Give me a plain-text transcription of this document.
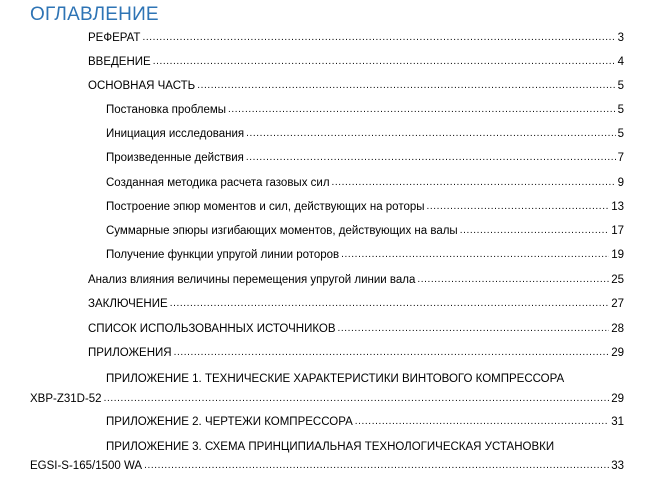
ОГЛАВЛЕНИЕ
РЕФЕРАТ .....	3
ВВЕДЕНИЕ .....	4
ОСНОВНАЯ ЧАСТЬ .....	5
Постановка проблемы .....	5
Инициация исследования .....	5
Произведенные действия .....	7
Созданная методика расчета газовых сил .....	9
Построение эпюр моментов и сил, действующих на роторы .....	13
Суммарные эпюры изгибающих моментов, действующих на валы .....	17
Получение функции упругой линии роторов .....	19
Анализ влияния величины перемещения упругой линии вала .....	25
ЗАКЛЮЧЕНИЕ .....	27
СПИСОК ИСПОЛЬЗОВАННЫХ ИСТОЧНИКОВ .....	28
ПРИЛОЖЕНИЯ .....	29
ПРИЛОЖЕНИЕ 1. ТЕХНИЧЕСКИЕ ХАРАКТЕРИСТИКИ ВИНТОВОГО КОМПРЕССОРА
XBP-Z31D-52 .....	29
ПРИЛОЖЕНИЕ 2. ЧЕРТЕЖИ КОМПРЕССОРА .....	31
ПРИЛОЖЕНИЕ 3. СХЕМА ПРИНЦИПИАЛЬНАЯ ТЕХНОЛОГИЧЕСКАЯ УСТАНОВКИ
EGSI-S-165/1500 WA .....	33
